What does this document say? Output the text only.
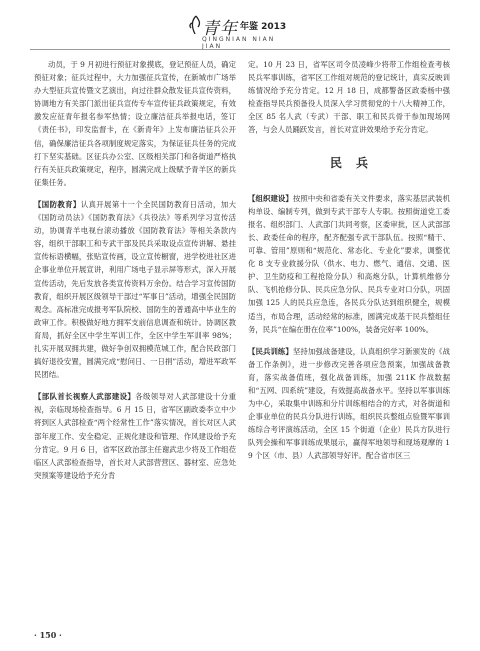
青年 年鉴 2013
QINGNIAN NIAN JIAN

动员，于 9 月初进行预征对象摸底，登记预征人员，确定预征对象；征兵过程中，大力加强征兵宣传，在新城市广场举办大型征兵宣传暨文艺演出，向过往群众散发征兵宣传资料，协调地方有关部门派出征兵宣传专车宣传征兵政策规定，有效激发应征青年报名参军热情；设立廉洁征兵举报电话，签订《责任书》，印发监督卡，在《新青年》上发布廉洁征兵公开信，确保廉洁征兵各项制度规定落实，为保证征兵任务的完成打下坚实基础。区征兵办公室、区级相关部门和各街道严格执行有关征兵政策规定，程序，圆满完成上级赋予青羊区的新兵征集任务。

【国防教育】认真开展第十一个全民国防教育日活动，加大《国防动员法》《国防教育法》《兵役法》等系列学习宣传活动，协调青羊电视台滚动播放《国防教育法》等相关条款内容，组织干部职工和专武干部及民兵采取设点宣传讲解、悬挂宣传标语横幅，张贴宣传画，设立宣传橱窗，进学校进社区进企事业单位开展宣讲，利用广场电子显示屏等形式，深入开展宣传活动，先后发放各类宣传资料万余份。结合学习宣传国防教育，组织开展区级领导干部过“军事日”活动，增强全民国防观念。高标准完成报考军队院校、国防生的普通高中毕业生的政审工作。积极做好地方拥军支前信息调查和统计。协调区教育局，抓好全区中学生军训工作，全区中学生军训率 98%；扎实开展双拥共建，做好争创双拥模范城工作，配合民政部门搞好退役安置，圆满完成“慰问日、一日捐”活动，增进军政军民团结。

【部队首长视察人武部建设】各级领导对人武部建设十分重视，亲临现场检查指导。6 月 15 日，省军区副政委李立中少将到区人武部检查“两个经常性工作”落实情况，首长对区人武部年度工作、安全稳定、正规化建设和管理、作风建设给予充分肯定。9 月 6 日，省军区政治部主任谢武忠少将及工作组莅临区人武部检查指导，首长对人武部营营区、器材室、应急处突预案等建设给予充分肯

定。10 月 23 日，省军区司令员凌峰少将带工作组检查考核民兵军事训练，省军区工作组对规范的登记统计，真实反映训练情况给予充分肯定。12 月 18 日，成都警备区政委杨中强检查指导民兵预备役人员深入学习贯彻党的十八大精神工作，全区 85 名人武（专武）干部、职工和民兵骨干参加现场网答，与会人员踊跃发言，首长对宣讲效果给予充分肯定。

民兵

【组织建设】按照中央和省委有关文件要求，落实基层武装机构单设、编制专列，做到专武干部专人专职。按照街道党工委报名、组织部门、人武部门共同考察，区委审批，区人武部部长、政委任命的程序，配齐配强专武干部队伍。按照“精干、可靠、管用”原则和“规范化、常态化、专业化”要求，调整优化 8 支专业救援分队（供水、电力、燃气、通信、交通、医护、卫生防疫和工程抢险分队）和高炮分队，计算机维修分队、飞机抢修分队、民兵应急分队、民兵专业对口分队，巩固加强 125 人的民兵应急连，各民兵分队达到组织健全，规模适当，布局合理，活动经常的标准，圆满完成基干民兵整组任务，民兵“在编在册在位率”100%，装备完好率 100%。

【民兵训练】坚持加强战备建设，认真组织学习新颁发的《战备工作条例》，进一步修改完善各项应急预案，加强战备教育，落实战备值班，强化战备训练，加强 211K 作战数据和“五网、四系统”建设，有效提高战备水平。坚持以军事训练为中心，采取集中训练和分片训练相结合的方式，对各街道和企事业单位的民兵分队进行训练，组织民兵整组点验暨军事训练综合考评演练活动，全区 15 个街道（企业）民兵方队进行队列会操和军事训练成果展示，赢得军地领导和现场观摩的 19 个区（市、县）人武部领导好评。配合省市区三

· 150 ·
